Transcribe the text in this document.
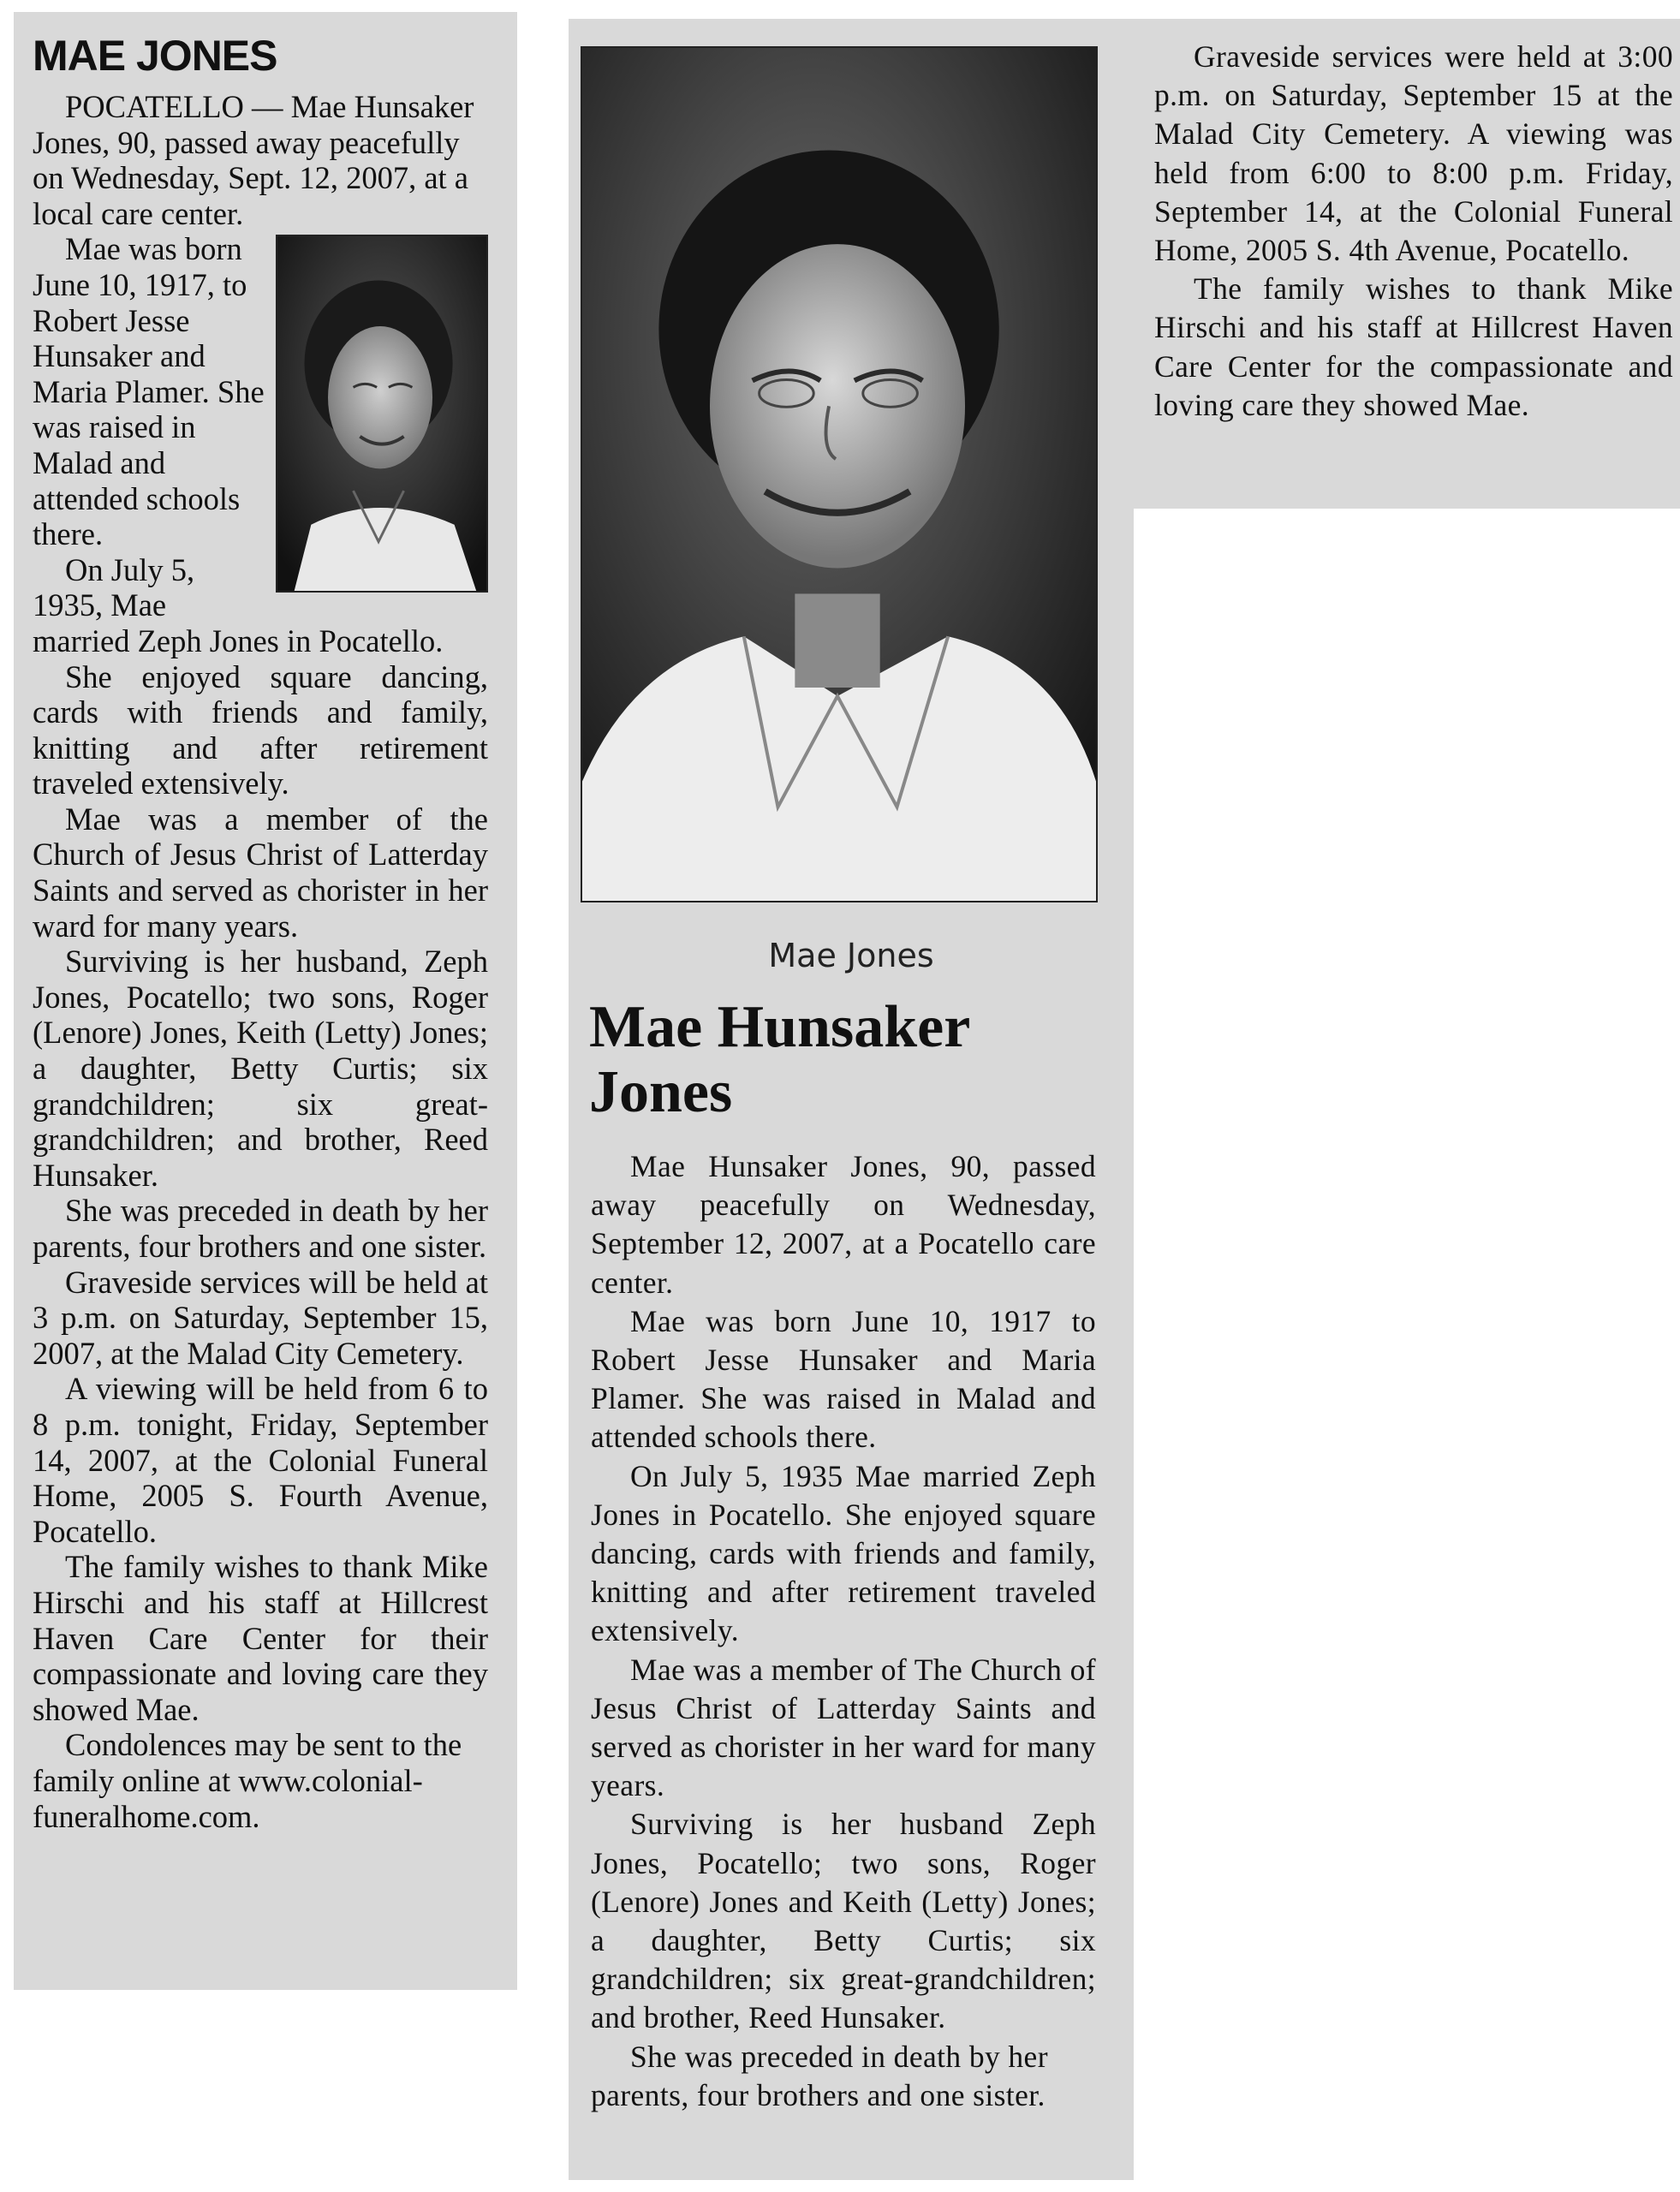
MAE JONES

POCATELLO — Mae Hunsaker Jones, 90, passed away peacefully on Wednesday, Sept. 12, 2007, at a local care center.

Mae was born June 10, 1917, to Robert Jesse Hunsaker and Maria Plamer. She was raised in Malad and attended schools there.

On July 5, 1935, Mae married Zeph Jones in Pocatello.

She enjoyed square dancing, cards with friends and family, knitting and after retirement traveled extensively.

Mae was a member of the Church of Jesus Christ of Latterday Saints and served as chorister in her ward for many years.

Surviving is her husband, Zeph Jones, Pocatello; two sons, Roger (Lenore) Jones, Keith (Letty) Jones; a daughter, Betty Curtis; six grandchildren; six great-grandchildren; and brother, Reed Hunsaker.

She was preceded in death by her parents, four brothers and one sister.

Graveside services will be held at 3 p.m. on Saturday, September 15, 2007, at the Malad City Cemetery.

A viewing will be held from 6 to 8 p.m. tonight, Friday, September 14, 2007, at the Colonial Funeral Home, 2005 S. Fourth Avenue, Pocatello.

The family wishes to thank Mike Hirschi and his staff at Hillcrest Haven Care Center for their compassionate and loving care they showed Mae.

Condolences may be sent to the family online at www.colonial-funeralhome.com.

Mae Jones
Mae Hunsaker Jones

Mae Hunsaker Jones, 90, passed away peacefully on Wednesday, September 12, 2007, at a Pocatello care center.

Mae was born June 10, 1917 to Robert Jesse Hunsaker and Maria Plamer. She was raised in Malad and attended schools there.

On July 5, 1935 Mae married Zeph Jones in Pocatello. She enjoyed square dancing, cards with friends and family, knitting and after retirement traveled extensively.

Mae was a member of The Church of Jesus Christ of Latterday Saints and served as chorister in her ward for many years.

Surviving is her husband Zeph Jones, Pocatello; two sons, Roger (Lenore) Jones and Keith (Letty) Jones; a daughter, Betty Curtis; six grandchildren; six great-grandchildren; and brother, Reed Hunsaker.

She was preceded in death by her parents, four brothers and one sister.

Graveside services were held at 3:00 p.m. on Saturday, September 15 at the Malad City Cemetery. A viewing was held from 6:00 to 8:00 p.m. Friday, September 14, at the Colonial Funeral Home, 2005 S. 4th Avenue, Pocatello.

The family wishes to thank Mike Hirschi and his staff at Hillcrest Haven Care Center for the compassionate and loving care they showed Mae.
